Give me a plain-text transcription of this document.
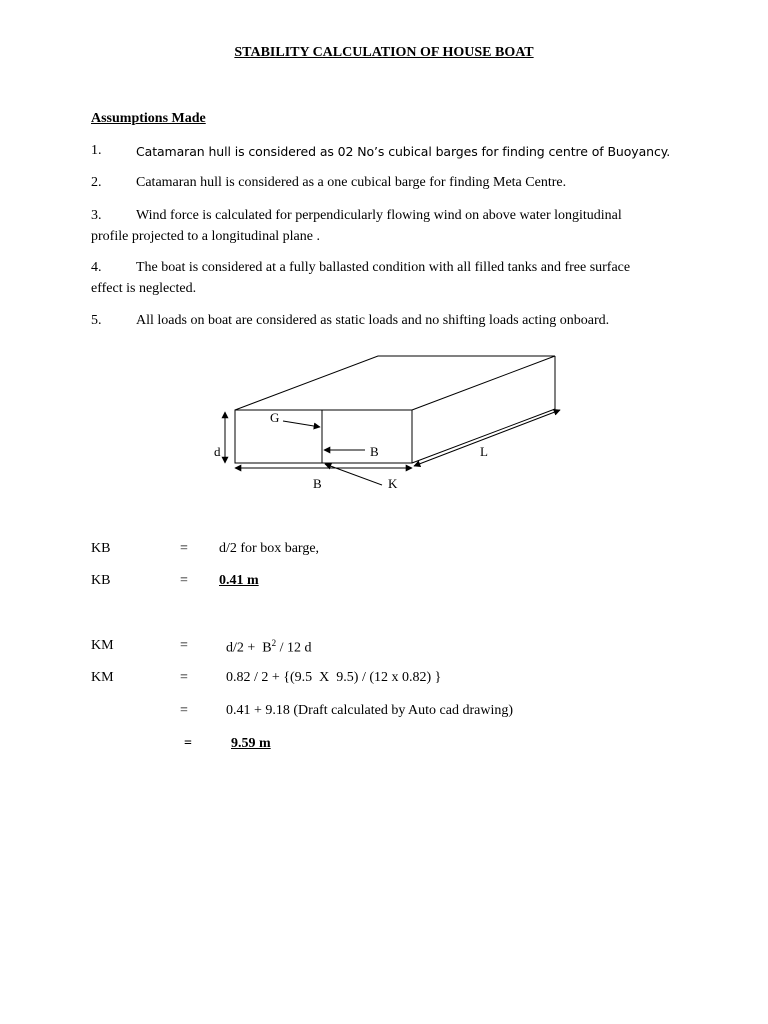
STABILITY CALCULATION OF HOUSE BOAT
Assumptions Made
1.	Catamaran hull is considered as 02 No’s cubical barges for finding centre of Buoyancy.
2. Catamaran hull is considered as a one cubical barge for finding Meta Centre.
3. Wind force is calculated for perpendicularly flowing wind on above water longitudinal
profile projected to a longitudinal plane .
4. The boat is considered at a fully ballasted condition with all filled tanks and free surface
effect is neglected.
5. All loads on boat are considered as static loads and no shifting loads acting onboard.
G
d	B	L
B	K
KB	= d/2 for box barge,
KB	= 0.41 m
KM	=	$d/2 + B^2 / 12$ d
KM	=	0.82 / 2 + {(9.5  X  9.5) / (12 x 0.82) }
=	0.41 + 9.18 (Draft calculated by Auto cad drawing)
=	9.59 m
